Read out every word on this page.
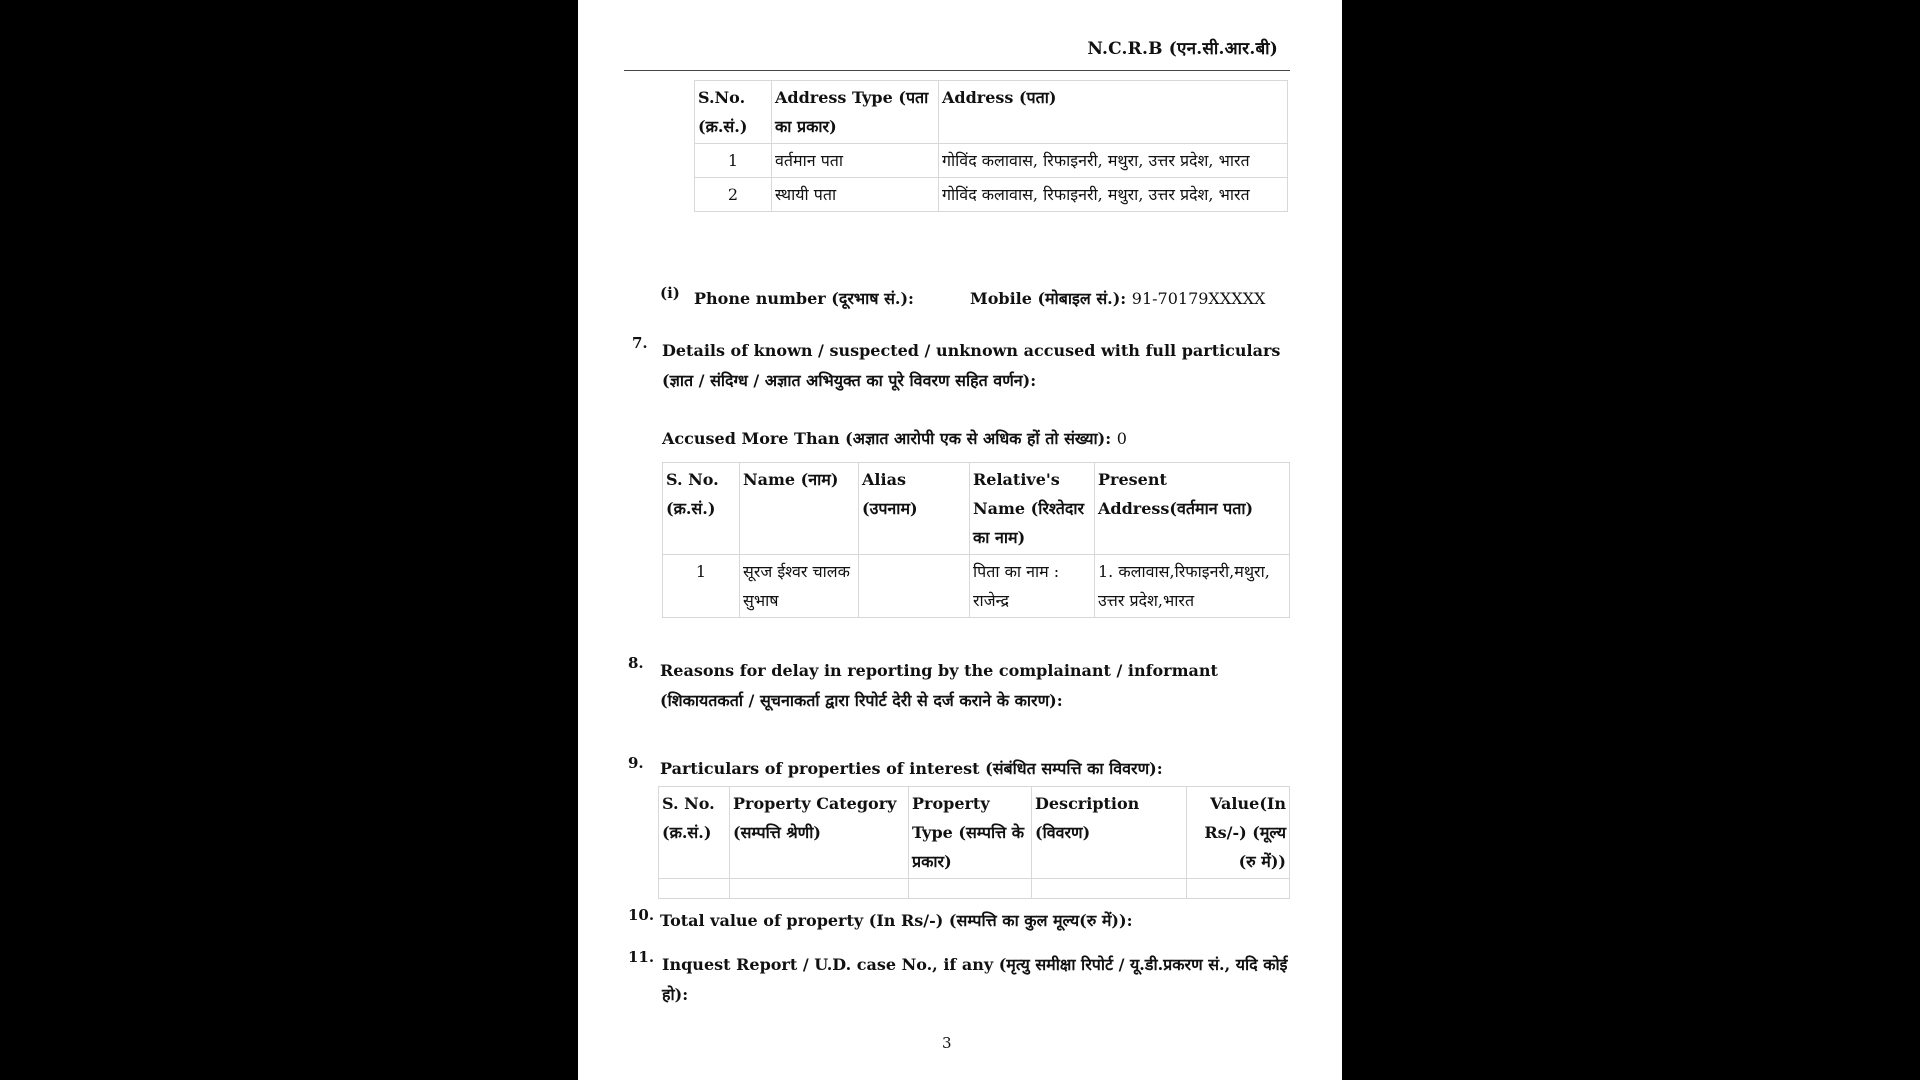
N.C.R.B (एन.सी.आर.बी)
S.No. (क्र.सं.)	Address Type (पता का प्रकार)	Address (पता)
1	वर्तमान पता	गोविंद कलावास, रिफाइनरी, मथुरा, उत्तर प्रदेश, भारत
2	स्थायी पता	गोविंद कलावास, रिफाइनरी, मथुरा, उत्तर प्रदेश, भारत
(i) Phone number (दूरभाष सं.):	Mobile (मोबाइल सं.): 91-70179XXXXX
7. Details of known / suspected / unknown accused with full particulars (ज्ञात / संदिग्ध / अज्ञात अभियुक्त का पूरे विवरण सहित वर्णन):
Accused More Than (अज्ञात आरोपी एक से अधिक हों तो संख्या): 0
S. No. (क्र.सं.)	Name (नाम)	Alias (उपनाम)	Relative's Name (रिश्तेदार का नाम)	Present Address(वर्तमान पता)
1	सूरज ईश्वर चालक सुभाष		पिता का नाम : राजेन्द्र	1. कलावास,रिफाइनरी,मथुरा, उत्तर प्रदेश,भारत
8. Reasons for delay in reporting by the complainant / informant (शिकायतकर्ता / सूचनाकर्ता द्वारा रिपोर्ट देरी से दर्ज कराने के कारण):
9. Particulars of properties of interest (संबंधित सम्पत्ति का विवरण):
S. No. (क्र.सं.)	Property Category (सम्पत्ति श्रेणी)	Property Type (सम्पत्ति के प्रकार)	Description (विवरण)	Value(In Rs/-) (मूल्य (रु में))

10. Total value of property (In Rs/-) (सम्पत्ति का कुल मूल्य(रु में)):
11. Inquest Report / U.D. case No., if any (मृत्यु समीक्षा रिपोर्ट / यू.डी.प्रकरण सं., यदि कोई हो):
3
